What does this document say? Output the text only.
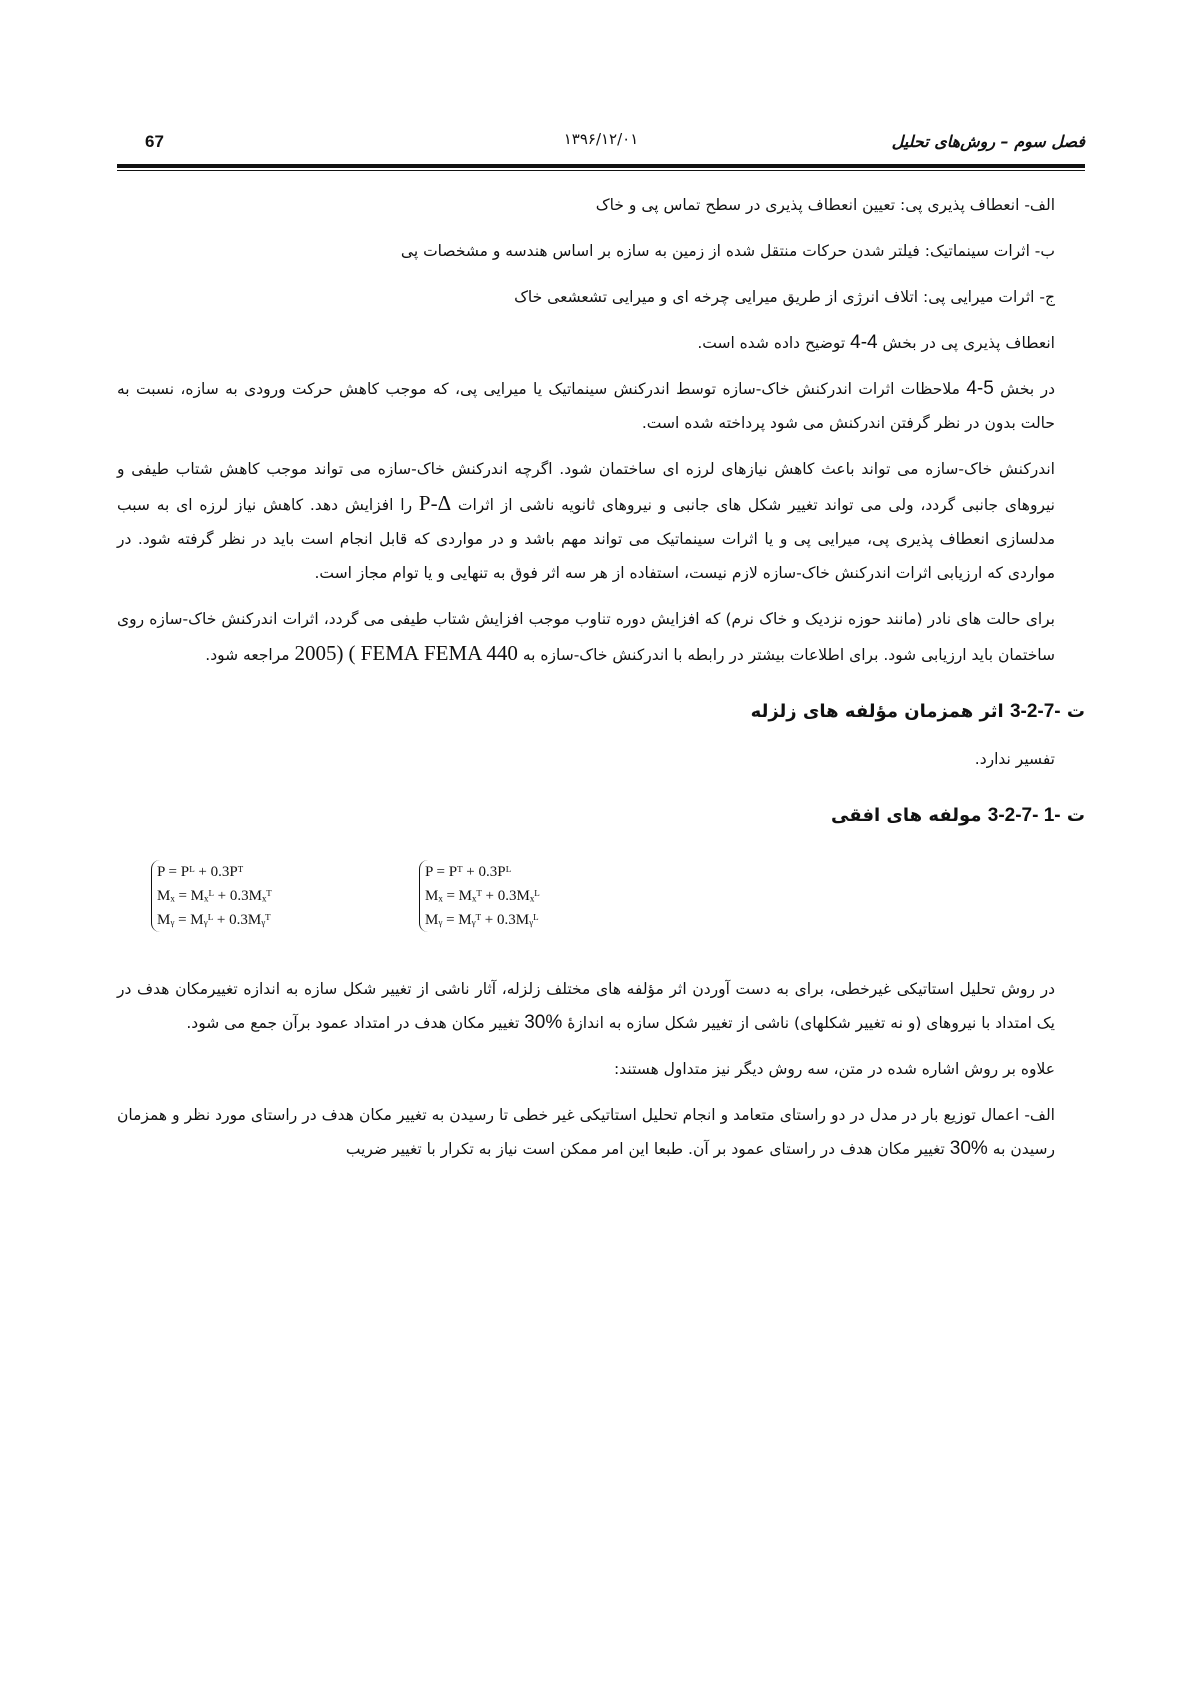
67	۱۳۹۶/۱۲/۰۱	فصل سوم – روش‌های تحلیل

الف- انعطاف پذیری پی: تعیین انعطاف پذیری در سطح تماس پی و خاک

ب- اثرات سینماتیک: فیلتر شدن حرکات منتقل شده از زمین به سازه بر اساس هندسه و مشخصات پی

ج- اثرات میرایی پی: اتلاف انرژی از طریق میرایی چرخه ای و میرایی تشعشعی خاک

انعطاف پذیری پی در بخش 4-4 توضیح داده شده است.

در بخش 4-5 ملاحظات اثرات اندرکنش خاک-سازه توسط اندرکنش سینماتیک یا میرایی پی، که موجب کاهش حرکت ورودی به سازه، نسبت به حالت بدون در نظر گرفتن اندرکنش می شود پرداخته شده است.

اندرکنش خاک-سازه می تواند باعث کاهش نیازهای لرزه ای ساختمان شود. اگرچه اندرکنش خاک-سازه می تواند موجب کاهش شتاب طیفی و نیروهای جانبی گردد، ولی می تواند تغییر شکل های جانبی و نیروهای ثانویه ناشی از اثرات P-Δ را افزایش دهد. کاهش نیاز لرزه ای به سبب مدلسازی انعطاف پذیری پی، میرایی پی و یا اثرات سینماتیک می تواند مهم باشد و در مواردی که قابل انجام است باید در نظر گرفته شود. در مواردی که ارزیابی اثرات اندرکنش خاک-سازه لازم نیست، استفاده از هر سه اثر فوق به تنهایی و یا توام مجاز است.

برای حالت های نادر (مانند حوزه نزدیک و خاک نرم) که افزایش دوره تناوب موجب افزایش شتاب طیفی می گردد، اثرات اندرکنش خاک-سازه روی ساختمان باید ارزیابی شود. برای اطلاعات بیشتر در رابطه با اندرکنش خاک-سازه به FEMA 440 ( FEMA 2005) مراجعه شود.

ت 3-2-7- اثر همزمان مؤلفه های زلزله

تفسیر ندارد.

ت 3-2-7- 1- مولفه های افقی
P = Pᴸ + 0.3Pᵀ
Mₓ = Mₓᴸ + 0.3Mₓᵀ
Mᵧ = Mᵧᴸ + 0.3Mᵧᵀ
P = Pᵀ + 0.3Pᴸ
Mₓ = Mₓᵀ + 0.3Mₓᴸ
Mᵧ = Mᵧᵀ + 0.3Mᵧᴸ

در روش تحلیل استاتیکی غیرخطی، برای به دست آوردن اثر مؤلفه های مختلف زلزله، آثار ناشی از تغییر شکل سازه به اندازه تغییرمکان هدف در یک امتداد با نیروهای (و نه تغییر شکلهای) ناشی از تغییر شکل سازه به اندازۀ 30% تغییر مکان هدف در امتداد عمود برآن جمع می شود.

علاوه بر روش اشاره شده در متن، سه روش دیگر نیز متداول هستند:

الف- اعمال توزیع بار در مدل در دو راستای متعامد و انجام تحلیل استاتیکی غیر خطی تا رسیدن به تغییر مکان هدف در راستای مورد نظر و همزمان رسیدن به 30% تغییر مکان هدف در راستای عمود بر آن. طبعا این امر ممکن است نیاز به تکرار با تغییر ضریب
